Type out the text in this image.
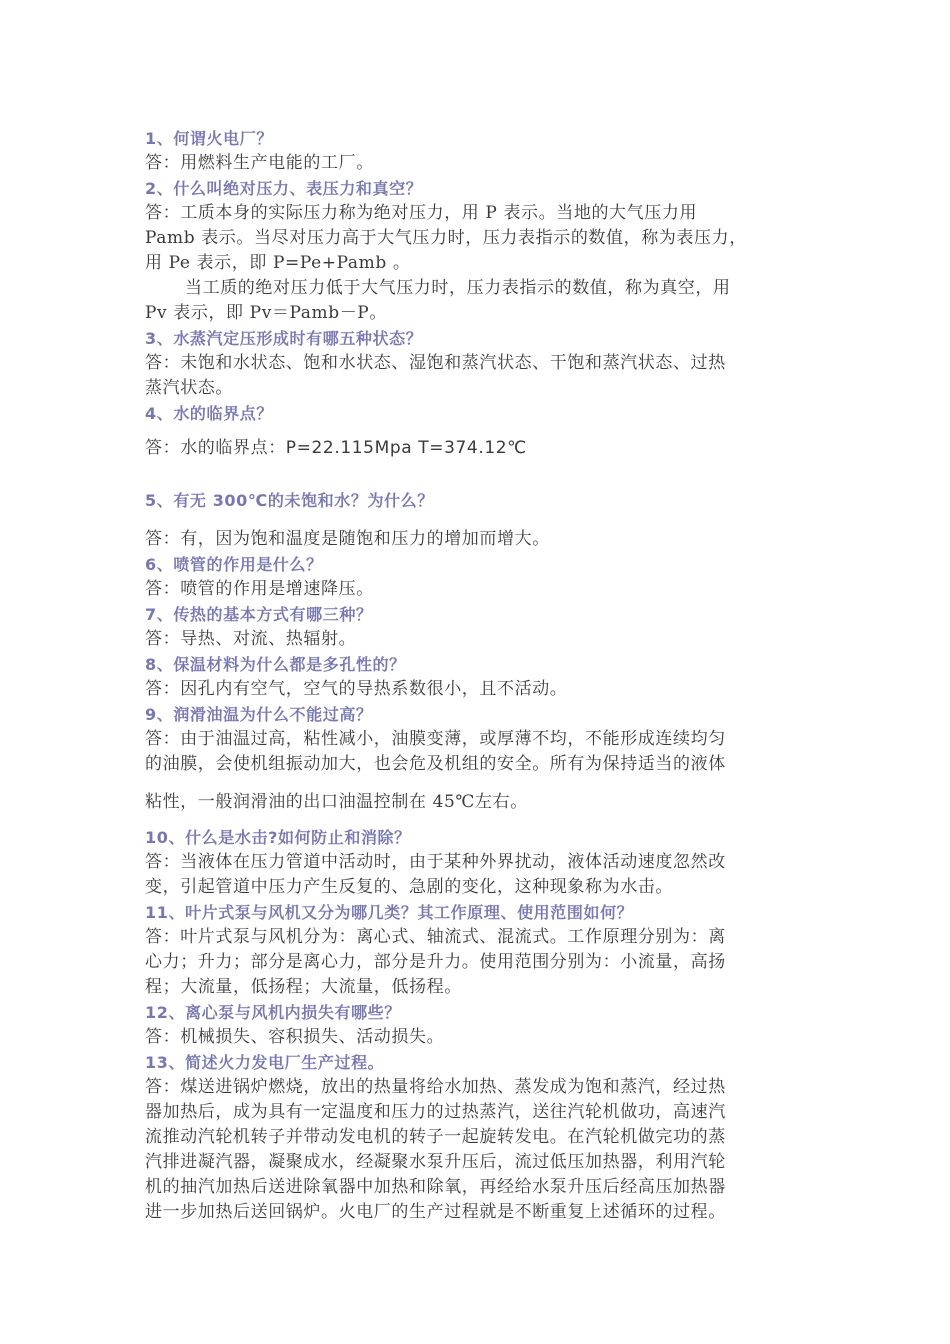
1、何谓火电厂？
答：用燃料生产电能的工厂。
2、什么叫绝对压力、表压力和真空？
答：工质本身的实际压力称为绝对压力，用 P 表示。当地的大气压力用
Pamb 表示。当尽对压力高于大气压力时，压力表指示的数值，称为表压力，
用 Pe 表示，即 P=Pe+Pamb 。
当工质的绝对压力低于大气压力时，压力表指示的数值，称为真空，用
Pv 表示，即 Pv＝Pamb－P。
3、水蒸汽定压形成时有哪五种状态？
答：未饱和水状态、饱和水状态、湿饱和蒸汽状态、干饱和蒸汽状态、过热
蒸汽状态。
4、水的临界点？
答：水的临界点：P=22.115Mpa T=374.12℃
5、有无 300℃的未饱和水？为什么？
答：有，因为饱和温度是随饱和压力的增加而增大。
6、喷管的作用是什么？
答：喷管的作用是增速降压。
7、传热的基本方式有哪三种？
答：导热、对流、热辐射。
8、保温材料为什么都是多孔性的？
答：因孔内有空气，空气的导热系数很小，且不活动。
9、润滑油温为什么不能过高？
答：由于油温过高，粘性减小，油膜变薄，或厚薄不均，不能形成连续均匀
的油膜，会使机组振动加大，也会危及机组的安全。所有为保持适当的液体
粘性，一般润滑油的出口油温控制在 45℃左右。
10、什么是水击?如何防止和消除？
答：当液体在压力管道中活动时，由于某种外界扰动，液体活动速度忽然改
变，引起管道中压力产生反复的、急剧的变化，这种现象称为水击。
11、叶片式泵与风机又分为哪几类？其工作原理、使用范围如何？
答：叶片式泵与风机分为：离心式、轴流式、混流式。工作原理分别为：离
心力；升力；部分是离心力，部分是升力。使用范围分别为：小流量，高扬
程；大流量，低扬程；大流量，低扬程。
12、离心泵与风机内损失有哪些？
答：机械损失、容积损失、活动损失。
13、简述火力发电厂生产过程。
答：煤送进锅炉燃烧，放出的热量将给水加热、蒸发成为饱和蒸汽，经过热
器加热后，成为具有一定温度和压力的过热蒸汽，送往汽轮机做功，高速汽
流推动汽轮机转子并带动发电机的转子一起旋转发电。在汽轮机做完功的蒸
汽排进凝汽器，凝聚成水，经凝聚水泵升压后，流过低压加热器，利用汽轮
机的抽汽加热后送进除氧器中加热和除氧，再经给水泵升压后经高压加热器
进一步加热后送回锅炉。火电厂的生产过程就是不断重复上述循环的过程。
